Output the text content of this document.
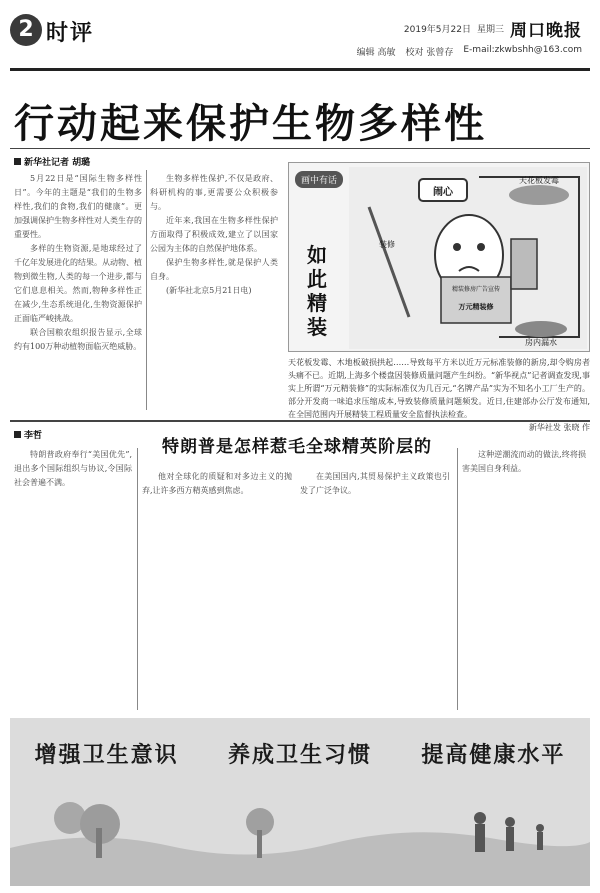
2 时评	2019年5月22日 星期三 周口晚报
编辑 高敏 校对 张曾存 E-mail:zkwbshh@163.com
行动起来保护生物多样性
新华社记者 胡璐

5月22日是“国际生物多样性日”。今年的主题是“我们的生物多样性,我们的食物,我们的健康”。更加强调保护生物多样性对人类生存的重要性。

多样的生物资源,是地球经过了千亿年发展进化的结果。从动物、植物到微生物,人类的每一个进步,都与它们息息相关。然而,物种多样性正在减少,生态系统退化,生物资源保护正面临严峻挑战。

联合国粮农组织报告显示,全球约有100万种动植物面临灭绝威胁。

生物多样性保护,不仅是政府、科研机构的事,更需要公众积极参与。

近年来,我国在生物多样性保护方面取得了积极成效,建立了以国家公园为主体的自然保护地体系。

保护生物多样性,就是保护人类自身。

(新华社北京5月21日电)

画中有话
如此精装
闹心
天花板发霉
装修
精装修房广告宣传
万元精装修
房内漏水
天花板发霉、木地板破损拱起……导致每平方米以近万元标准装修的新房,却令购房者头痛不已。近期,上海多个楼盘因装修质量问题产生纠纷。“新华视点”记者调查发现,事实上所谓“万元精装修”的实际标准仅为几百元,“名牌产品”实为不知名小工厂生产的。部分开发商一味追求压缩成本,导致装修质量问题频发。近日,住建部办公厅发布通知,在全国范围内开展精装工程质量安全监督执法检查。
新华社发 张晓 作
李哲
特朗普是怎样惹毛全球精英阶层的

特朗普政府奉行“美国优先”,退出多个国际组织与协议,令国际社会普遍不满。

他对全球化的质疑和对多边主义的抛弃,让许多西方精英感到焦虑。

在美国国内,其贸易保护主义政策也引发了广泛争议。

这种逆潮流而动的做法,终将损害美国自身利益。

增强卫生意识 养成卫生习惯 提高健康水平
